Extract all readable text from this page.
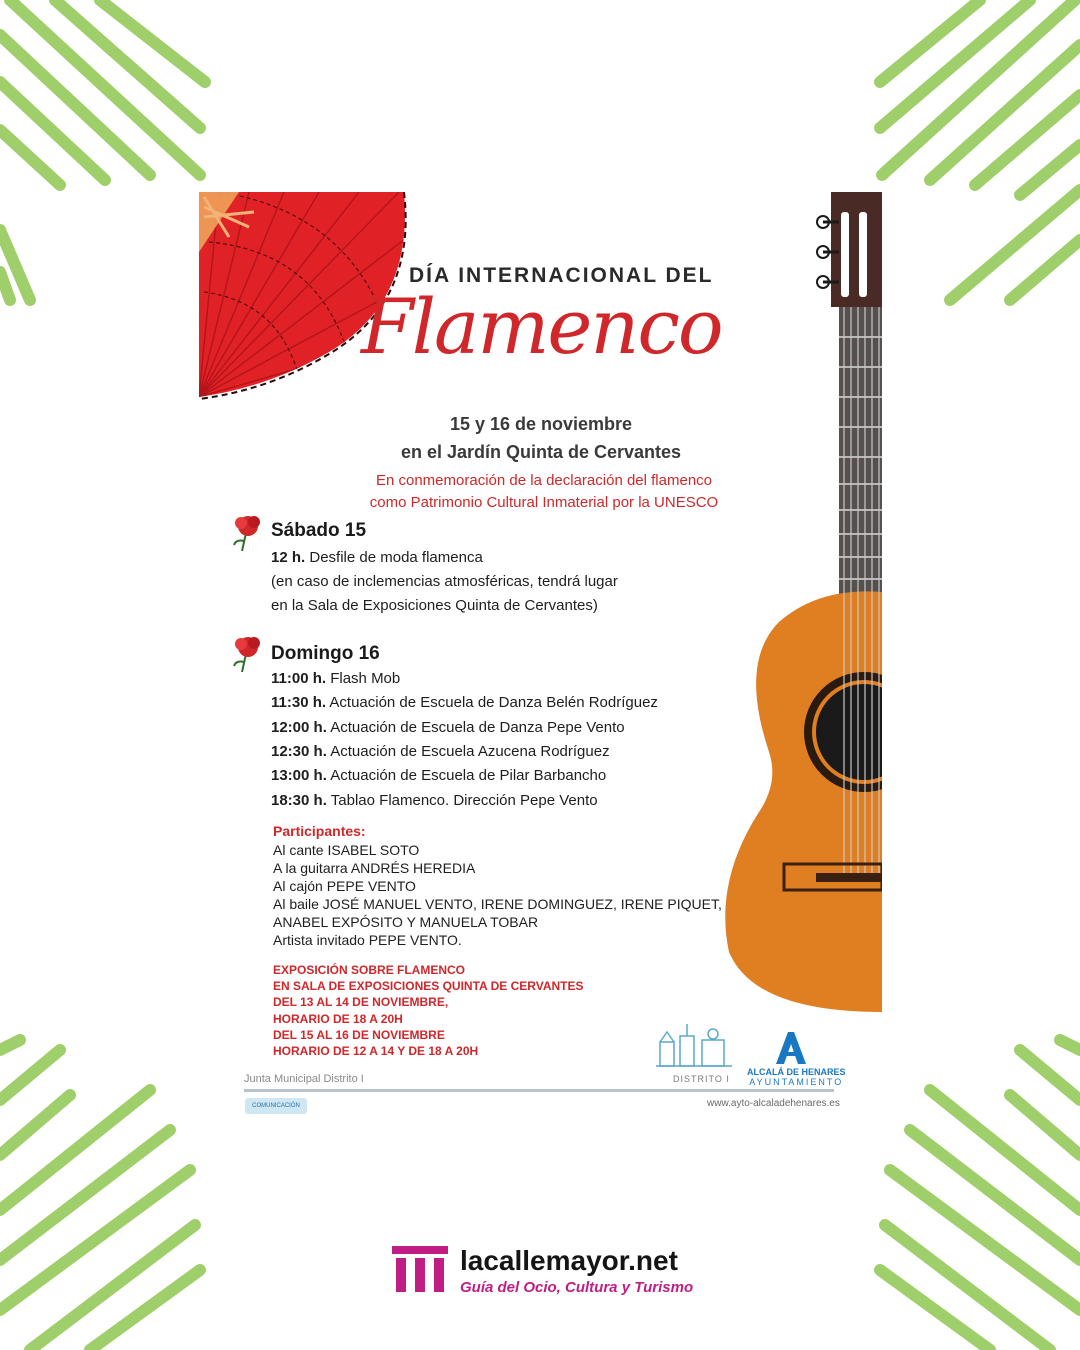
DÍA INTERNACIONAL DEL
Flamenco
15 y 16 de noviembre
en el Jardín Quinta de Cervantes
En conmemoración de la declaración del flamenco
como Patrimonio Cultural Inmaterial por la UNESCO
Sábado 15
12 h. Desfile de moda flamenca
(en caso de inclemencias atmosféricas, tendrá lugar
en la Sala de Exposiciones Quinta de Cervantes)
Domingo 16
11:00 h. Flash Mob
11:30 h. Actuación de Escuela de Danza Belén Rodríguez
12:00 h. Actuación de Escuela de Danza Pepe Vento
12:30 h. Actuación de Escuela Azucena Rodríguez
13:00 h. Actuación de Escuela de Pilar Barbancho
18:30 h. Tablao Flamenco. Dirección Pepe Vento
Participantes:
Al cante ISABEL SOTO
A la guitarra ANDRÉS HEREDIA
Al cajón PEPE VENTO
Al baile JOSÉ MANUEL VENTO, IRENE DOMINGUEZ, IRENE PIQUET,
ANABEL EXPÓSITO Y MANUELA TOBAR
Artista invitado PEPE VENTO.
EXPOSICIÓN SOBRE FLAMENCO
EN SALA DE EXPOSICIONES QUINTA DE CERVANTES
DEL 13 AL 14 DE NOVIEMBRE,
HORARIO DE 18 A 20H
DEL 15 AL 16 DE NOVIEMBRE
HORARIO DE 12 A 14 Y DE 18 A 20H
DISTRITO I
ALCALÁ DE HENARES
AYUNTAMIENTO
Junta Municipal Distrito I
COMUNICACIÓN	www.ayto-alcaladehenares.es
lacallemayor.net
Guía del Ocio, Cultura y Turismo
